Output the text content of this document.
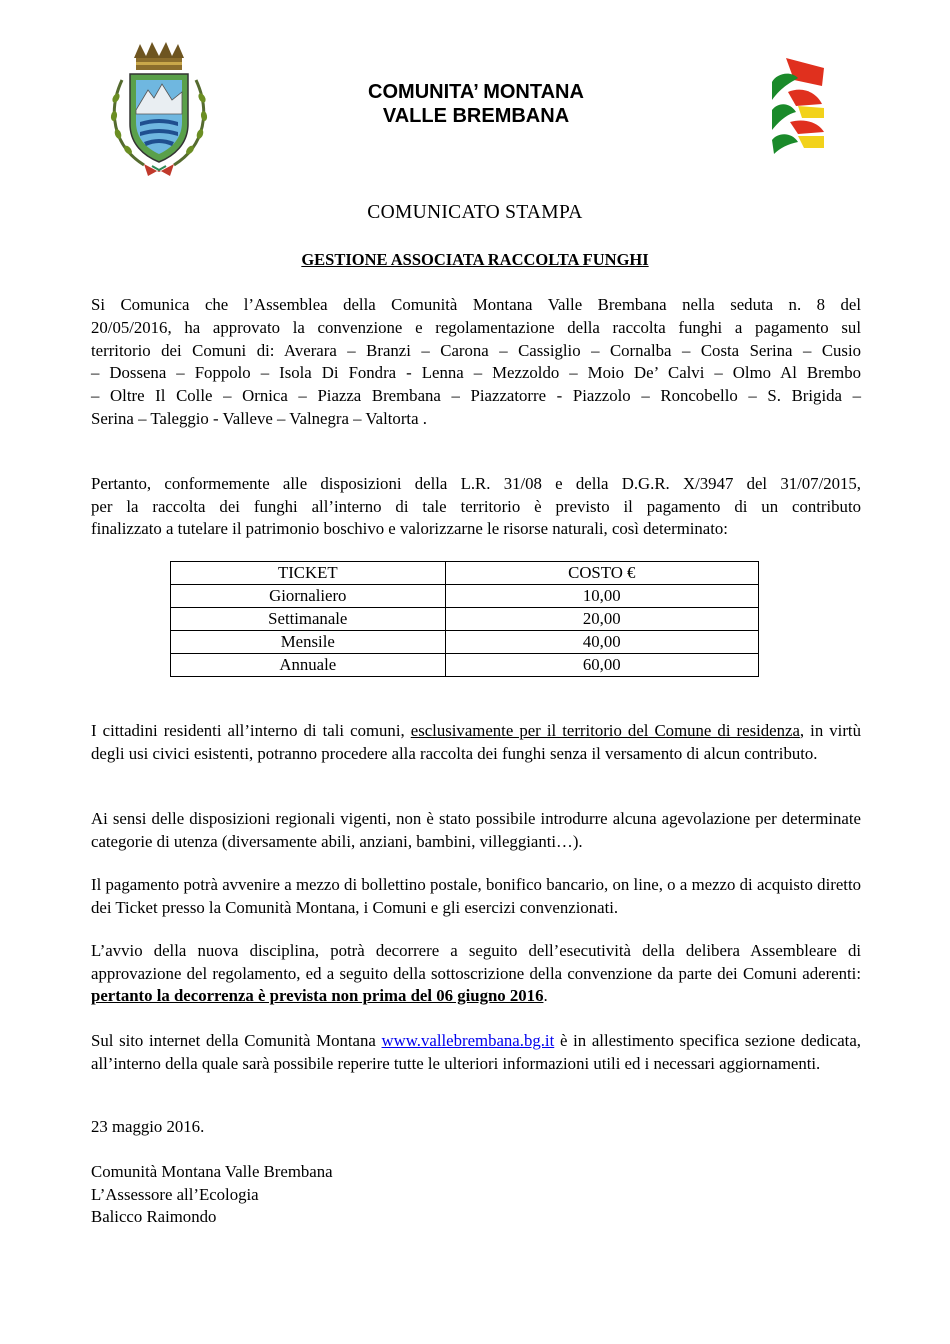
COMUNITA’ MONTANA
VALLE BREMBANA
COMUNICATO STAMPA
GESTIONE ASSOCIATA RACCOLTA FUNGHI
Si Comunica che l’Assemblea della Comunità Montana Valle Brembana nella seduta n. 8 del
20/05/2016, ha approvato la convenzione e regolamentazione della raccolta funghi a pagamento sul
territorio dei Comuni di: Averara – Branzi – Carona – Cassiglio – Cornalba – Costa Serina – Cusio
– Dossena – Foppolo – Isola Di Fondra - Lenna – Mezzoldo – Moio De’ Calvi – Olmo Al Brembo
– Oltre Il Colle – Ornica – Piazza Brembana – Piazzatorre - Piazzolo – Roncobello – S. Brigida –
Serina – Taleggio - Valleve – Valnegra – Valtorta .
Pertanto, conformemente alle disposizioni della L.R. 31/08 e della D.G.R. X/3947 del 31/07/2015,
per la raccolta dei funghi all’interno di tale territorio è previsto il pagamento di un contributo
finalizzato a tutelare il patrimonio boschivo e valorizzarne le risorse naturali, così determinato:
TICKET	COSTO €
Giornaliero	10,00
Settimanale	20,00
Mensile	40,00
Annuale	60,00
I cittadini residenti all’interno di tali comuni, esclusivamente per il territorio del Comune di residenza, in virtù degli usi civici esistenti, potranno procedere alla raccolta dei funghi senza il versamento di alcun contributo.
Ai sensi delle disposizioni regionali vigenti, non è stato possibile introdurre alcuna agevolazione per determinate categorie di utenza (diversamente abili, anziani, bambini, villeggianti…).
Il pagamento potrà avvenire a mezzo di bollettino postale, bonifico bancario, on line, o a mezzo di acquisto diretto dei Ticket presso la Comunità Montana, i Comuni e gli esercizi convenzionati.
L’avvio della nuova disciplina, potrà decorrere a seguito dell’esecutività della delibera Assembleare di approvazione del regolamento, ed a seguito della sottoscrizione della convenzione da parte dei Comuni aderenti: pertanto la decorrenza è prevista non prima del 06 giugno 2016.
Sul sito internet della Comunità Montana www.vallebrembana.bg.it è in allestimento specifica sezione dedicata, all’interno della quale sarà possibile reperire tutte le ulteriori informazioni utili ed i necessari aggiornamenti.
23 maggio 2016.
Comunità Montana Valle Brembana
L’Assessore all’Ecologia
Balicco Raimondo
